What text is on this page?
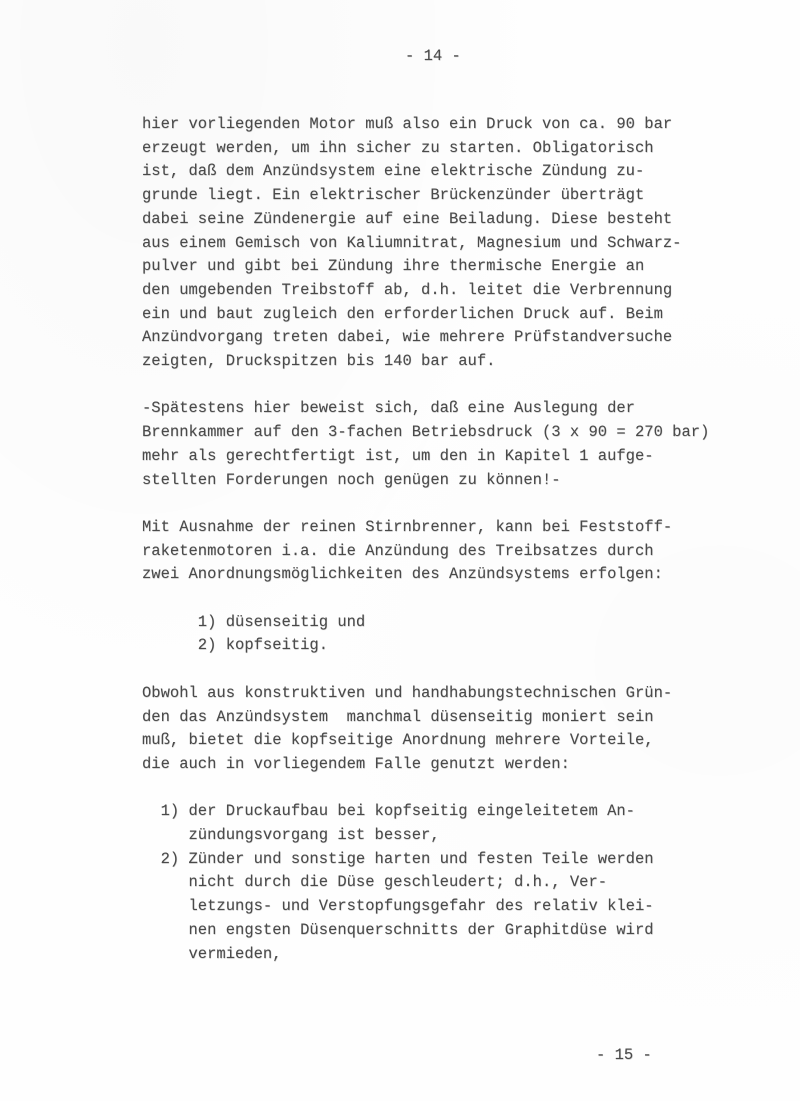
- 14 -
hier vorliegenden Motor muß also ein Druck von ca. 90 bar
erzeugt werden, um ihn sicher zu starten. Obligatorisch
ist, daß dem Anzündsystem eine elektrische Zündung zu-
grunde liegt. Ein elektrischer Brückenzünder überträgt
dabei seine Zündenergie auf eine Beiladung. Diese besteht
aus einem Gemisch von Kaliumnitrat, Magnesium und Schwarz-
pulver und gibt bei Zündung ihre thermische Energie an
den umgebenden Treibstoff ab, d.h. leitet die Verbrennung
ein und baut zugleich den erforderlichen Druck auf. Beim
Anzündvorgang treten dabei, wie mehrere Prüfstandversuche
zeigten, Druckspitzen bis 140 bar auf.
-Spätestens hier beweist sich, daß eine Auslegung der
Brennkammer auf den 3-fachen Betriebsdruck (3 x 90 = 270 bar)
mehr als gerechtfertigt ist, um den in Kapitel 1 aufge-
stellten Forderungen noch genügen zu können!-
Mit Ausnahme der reinen Stirnbrenner, kann bei Feststoff-
raketenmotoren i.a. die Anzündung des Treibsatzes durch
zwei Anordnungsmöglichkeiten des Anzündsystems erfolgen:
1) düsenseitig und
2) kopfseitig.
Obwohl aus konstruktiven und handhabungstechnischen Grün-
den das Anzündsystem  manchmal düsenseitig moniert sein
muß, bietet die kopfseitige Anordnung mehrere Vorteile,
die auch in vorliegendem Falle genutzt werden:
1) der Druckaufbau bei kopfseitig eingeleitetem An-
zündungsvorgang ist besser,
2) Zünder und sonstige harten und festen Teile werden
nicht durch die Düse geschleudert; d.h., Ver-
letzungs- und Verstopfungsgefahr des relativ klei-
nen engsten Düsenquerschnitts der Graphitdüse wird
vermieden,
- 15 -
